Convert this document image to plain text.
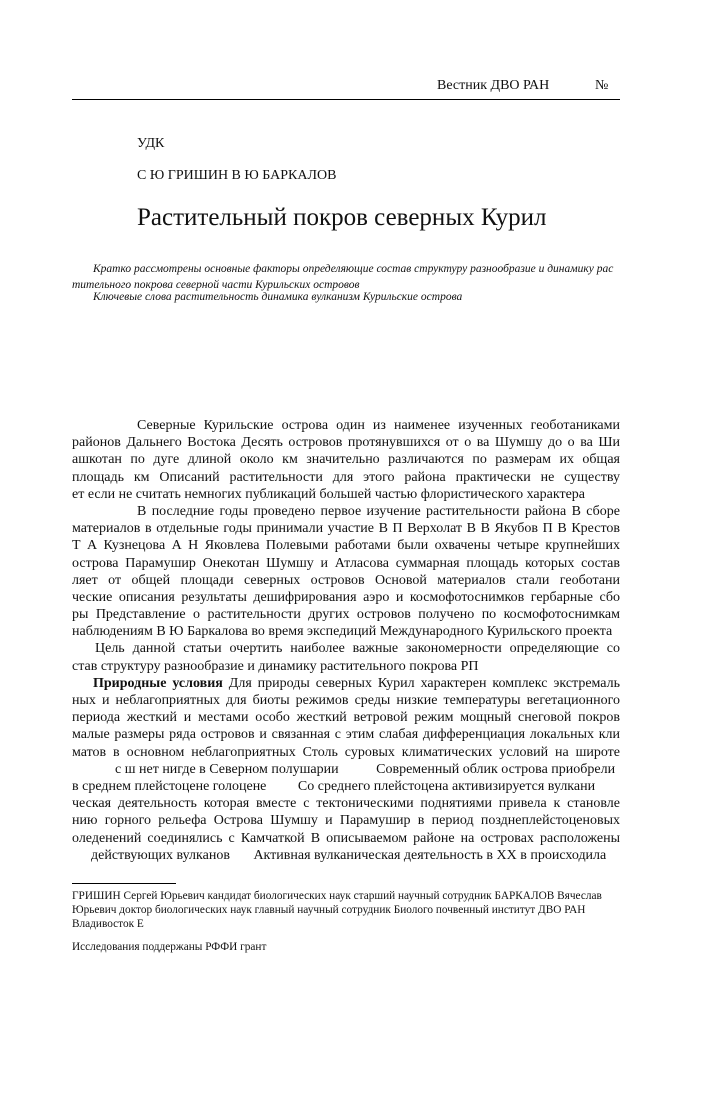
Вестник ДВО РАН	№
УДК
С Ю ГРИШИН В Ю БАРКАЛОВ
Растительный покров северных Курил
Кратко рассмотрены основные факторы определяющие состав структуру разнообразие и динамику рас
тительного покрова северной части Курильских островов
Ключевые слова растительность динамика вулканизм Курильские острова
Северные Курильские острова один из наименее изученных геоботаниками
районов Дальнего Востока Десять островов протянувшихся от о ва Шумшу до о ва Ши
ашкотан по дуге длиной около км значительно различаются по размерам их общая
площадь км Описаний растительности для этого района практически не существу
ет если не считать немногих публикаций большей частью флористического характера
В последние годы проведено первое изучение растительности района В сборе
материалов в отдельные годы принимали участие В П Верхолат В В Якубов П В Крестов
Т А Кузнецова А Н Яковлева Полевыми работами были охвачены четыре крупнейших
острова Парамушир Онекотан Шумшу и Атласова суммарная площадь которых состав
ляет от общей площади северных островов Основой материалов стали геоботани
ческие описания результаты дешифрирования аэро и космофотоснимков гербарные сбо
ры Представление о растительности других островов получено по космофотоснимкам
наблюдениям В Ю Баркалова во время экспедиций Международного Курильского проекта
Цель данной статьи очертить наиболее важные закономерности определяющие со
став структуру разнообразие и динамику растительного покрова РП
Природные условия Для природы северных Курил характерен комплекс экстремаль
ных и неблагоприятных для биоты режимов среды низкие температуры вегетационного
периода жесткий и местами особо жесткий ветровой режим мощный снеговой покров
малые размеры ряда островов и связанная с этим слабая дифференциация локальных кли
матов в основном неблагоприятных Столь суровых климатических условий на широте
с ш нет нигде в Северном полушарии	Современный облик острова приобрели
в среднем плейстоцене голоцене Со среднего плейстоцена активизируется вулкани
ческая деятельность которая вместе с тектоническими поднятиями привела к становле
нию горного рельефа Острова Шумшу и Парамушир в период позднеплейстоценовых
оледенений соединялись с Камчаткой В описываемом районе на островах расположены
действующих вулканов Активная вулканическая деятельность в XX в происходила
ГРИШИН Сергей Юрьевич кандидат биологических наук старший научный сотрудник БАРКАЛОВ Вячеслав
Юрьевич доктор биологических наук главный научный сотрудник Биолого почвенный институт ДВО РАН
Владивосток E
Исследования поддержаны РФФИ грант
